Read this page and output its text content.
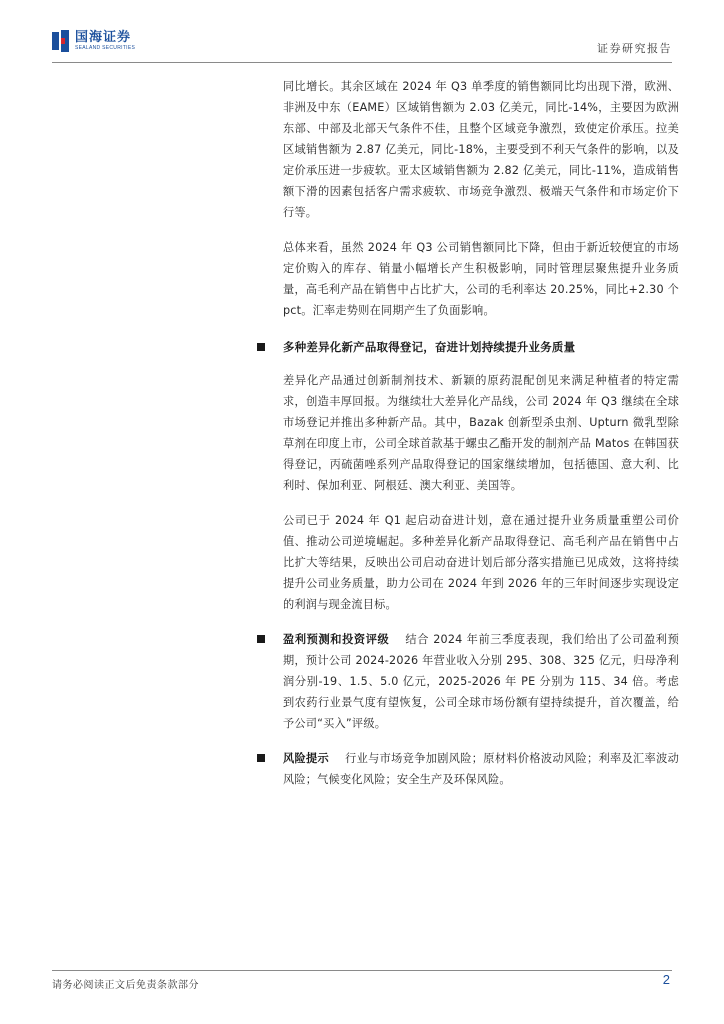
国海证券
SEALAND SECURITIES	证券研究报告

同比增长。其余区域在 2024 年 Q3 单季度的销售额同比均出现下滑，欧洲、非洲及中东（EAME）区域销售额为 2.03 亿美元，同比-14%，主要因为欧洲东部、中部及北部天气条件不佳，且整个区域竞争激烈，致使定价承压。拉美区域销售额为 2.87 亿美元，同比-18%，主要受到不利天气条件的影响，以及定价承压进一步疲软。亚太区域销售额为 2.82 亿美元，同比-11%，造成销售额下滑的因素包括客户需求疲软、市场竞争激烈、极端天气条件和市场定价下行等。

总体来看，虽然 2024 年 Q3 公司销售额同比下降，但由于新近较便宜的市场定价购入的库存、销量小幅增长产生积极影响，同时管理层聚焦提升业务质量，高毛利产品在销售中占比扩大，公司的毛利率达 20.25%，同比+2.30 个 pct。汇率走势则在同期产生了负面影响。

多种差异化新产品取得登记，奋进计划持续提升业务质量

差异化产品通过创新制剂技术、新颖的原药混配创见来满足种植者的特定需求，创造丰厚回报。为继续壮大差异化产品线，公司 2024 年 Q3 继续在全球市场登记并推出多种新产品。其中，Bazak 创新型杀虫剂、Upturn 微乳型除草剂在印度上市，公司全球首款基于螺虫乙酯开发的制剂产品 Matos 在韩国获得登记，丙硫菌唑系列产品取得登记的国家继续增加，包括德国、意大利、比利时、保加利亚、阿根廷、澳大利亚、美国等。

公司已于 2024 年 Q1 起启动奋进计划，意在通过提升业务质量重塑公司价值、推动公司逆境崛起。多种差异化新产品取得登记、高毛利产品在销售中占比扩大等结果，反映出公司启动奋进计划后部分落实措施已见成效，这将持续提升公司业务质量，助力公司在 2024 年到 2026 年的三年时间逐步实现设定的利润与现金流目标。

盈利预测和投资评级 结合 2024 年前三季度表现，我们给出了公司盈利预期，预计公司 2024-2026 年营业收入分别 295、308、325 亿元，归母净利润分别-19、1.5、5.0 亿元，2025-2026 年 PE 分别为 115、34 倍。考虑到农药行业景气度有望恢复，公司全球市场份额有望持续提升，首次覆盖，给予公司“买入”评级。

风险提示 行业与市场竞争加剧风险；原材料价格波动风险；利率及汇率波动风险；气候变化风险；安全生产及环保风险。

请务必阅读正文后免责条款部分	2
